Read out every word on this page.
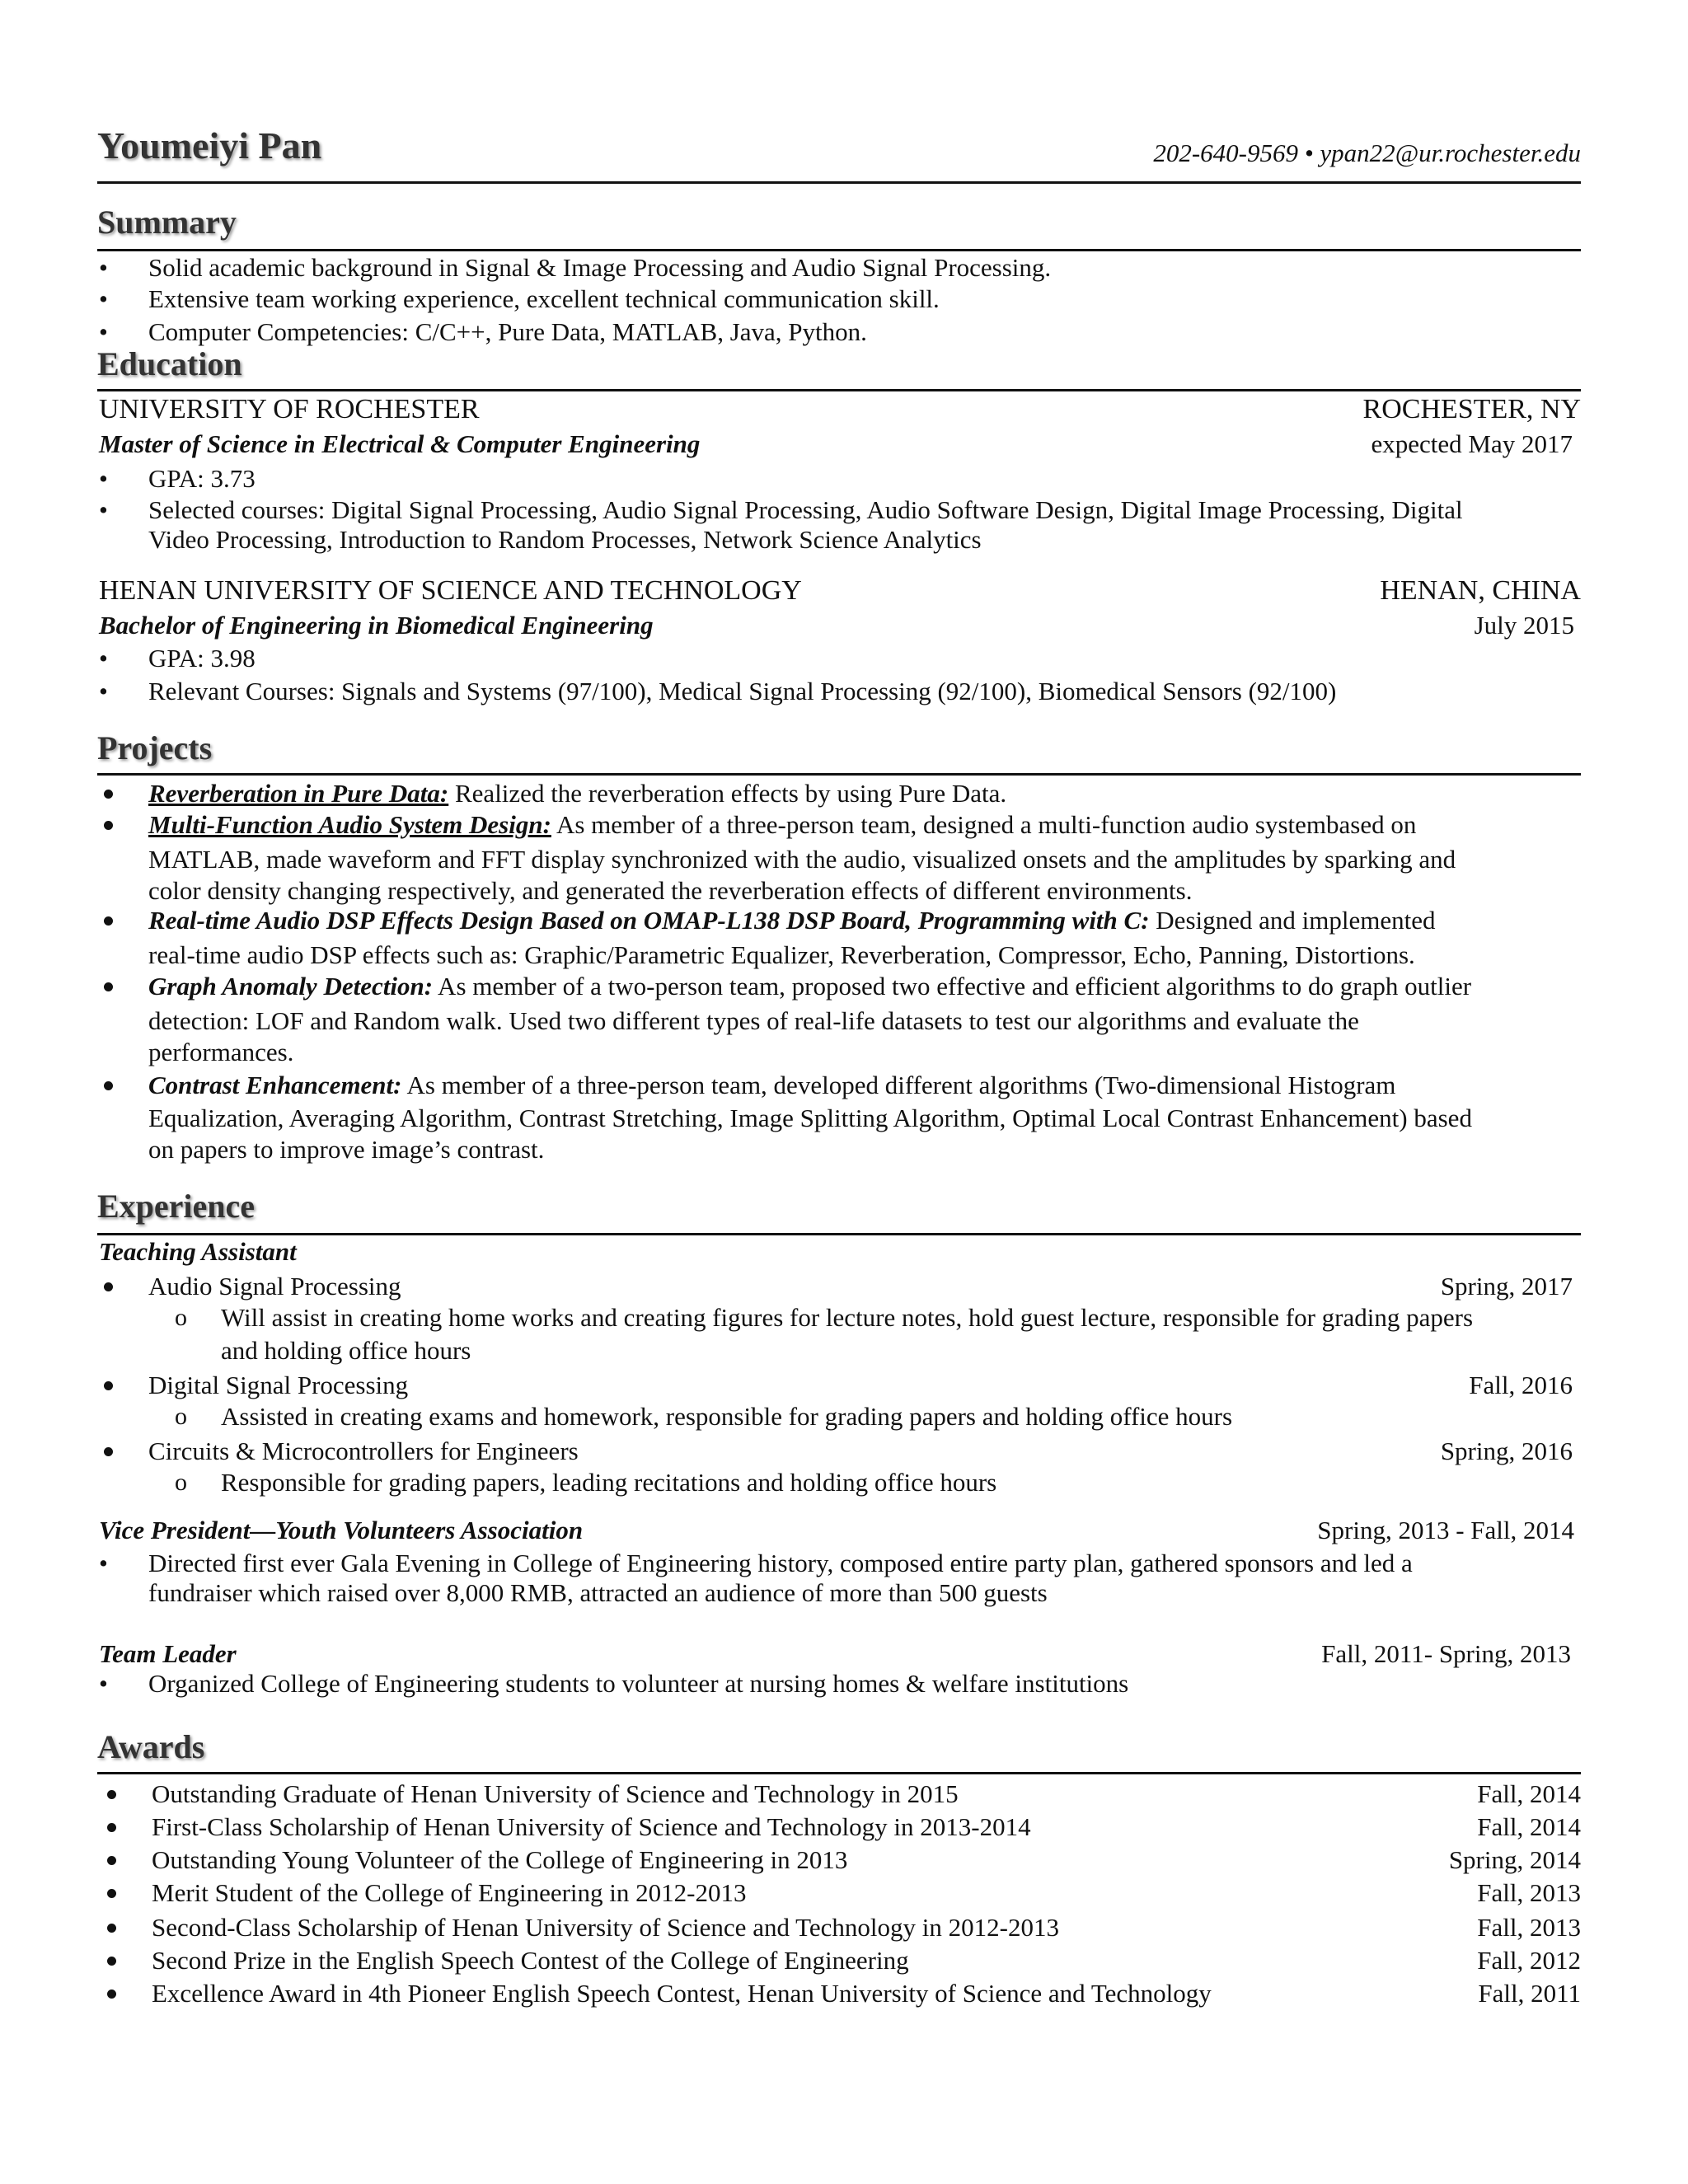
Youmeiyi Pan	202-640-9569 • ypan22@ur.rochester.edu
Summary
• Solid academic background in Signal & Image Processing and Audio Signal Processing.
• Extensive team working experience, excellent technical communication skill.
• Computer Competencies: C/C++, Pure Data, MATLAB, Java, Python.
Education
UNIVERSITY OF ROCHESTER	ROCHESTER, NY
Master of Science in Electrical & Computer Engineering	expected May 2017
• GPA: 3.73
• Selected courses: Digital Signal Processing, Audio Signal Processing, Audio Software Design, Digital Image Processing, Digital
Video Processing, Introduction to Random Processes, Network Science Analytics
HENAN UNIVERSITY OF SCIENCE AND TECHNOLOGY	HENAN, CHINA
Bachelor of Engineering in Biomedical Engineering	July 2015
• GPA: 3.98
• Relevant Courses: Signals and Systems (97/100), Medical Signal Processing (92/100), Biomedical Sensors (92/100)
Projects
Reverberation in Pure Data: Realized the reverberation effects by using Pure Data.
Multi-Function Audio System Design: As member of a three-person team, designed a multi-function audio systembased on
MATLAB, made waveform and FFT display synchronized with the audio, visualized onsets and the amplitudes by sparking and
color density changing respectively, and generated the reverberation effects of different environments.
Real-time Audio DSP Effects Design Based on OMAP-L138 DSP Board, Programming with C: Designed and implemented
real-time audio DSP effects such as: Graphic/Parametric Equalizer, Reverberation, Compressor, Echo, Panning, Distortions.
Graph Anomaly Detection: As member of a two-person team, proposed two effective and efficient algorithms to do graph outlier
detection: LOF and Random walk. Used two different types of real-life datasets to test our algorithms and evaluate the
performances.
Contrast Enhancement: As member of a three-person team, developed different algorithms (Two-dimensional Histogram
Equalization, Averaging Algorithm, Contrast Stretching, Image Splitting Algorithm, Optimal Local Contrast Enhancement) based
on papers to improve image’s contrast.
Experience
Teaching Assistant
Audio Signal Processing	Spring, 2017
o Will assist in creating home works and creating figures for lecture notes, hold guest lecture, responsible for grading papers
and holding office hours
Digital Signal Processing	Fall, 2016
o Assisted in creating exams and homework, responsible for grading papers and holding office hours
Circuits & Microcontrollers for Engineers	Spring, 2016
o Responsible for grading papers, leading recitations and holding office hours
Vice President—Youth Volunteers Association	Spring, 2013 - Fall, 2014
• Directed first ever Gala Evening in College of Engineering history, composed entire party plan, gathered sponsors and led a
fundraiser which raised over 8,000 RMB, attracted an audience of more than 500 guests
Team Leader	Fall, 2011- Spring, 2013
• Organized College of Engineering students to volunteer at nursing homes & welfare institutions
Awards
Outstanding Graduate of Henan University of Science and Technology in 2015	Fall, 2014
First-Class Scholarship of Henan University of Science and Technology in 2013-2014	Fall, 2014
Outstanding Young Volunteer of the College of Engineering in 2013	Spring, 2014
Merit Student of the College of Engineering in 2012-2013	Fall, 2013
Second-Class Scholarship of Henan University of Science and Technology in 2012-2013	Fall, 2013
Second Prize in the English Speech Contest of the College of Engineering	Fall, 2012
Excellence Award in 4th Pioneer English Speech Contest, Henan University of Science and Technology	Fall, 2011
